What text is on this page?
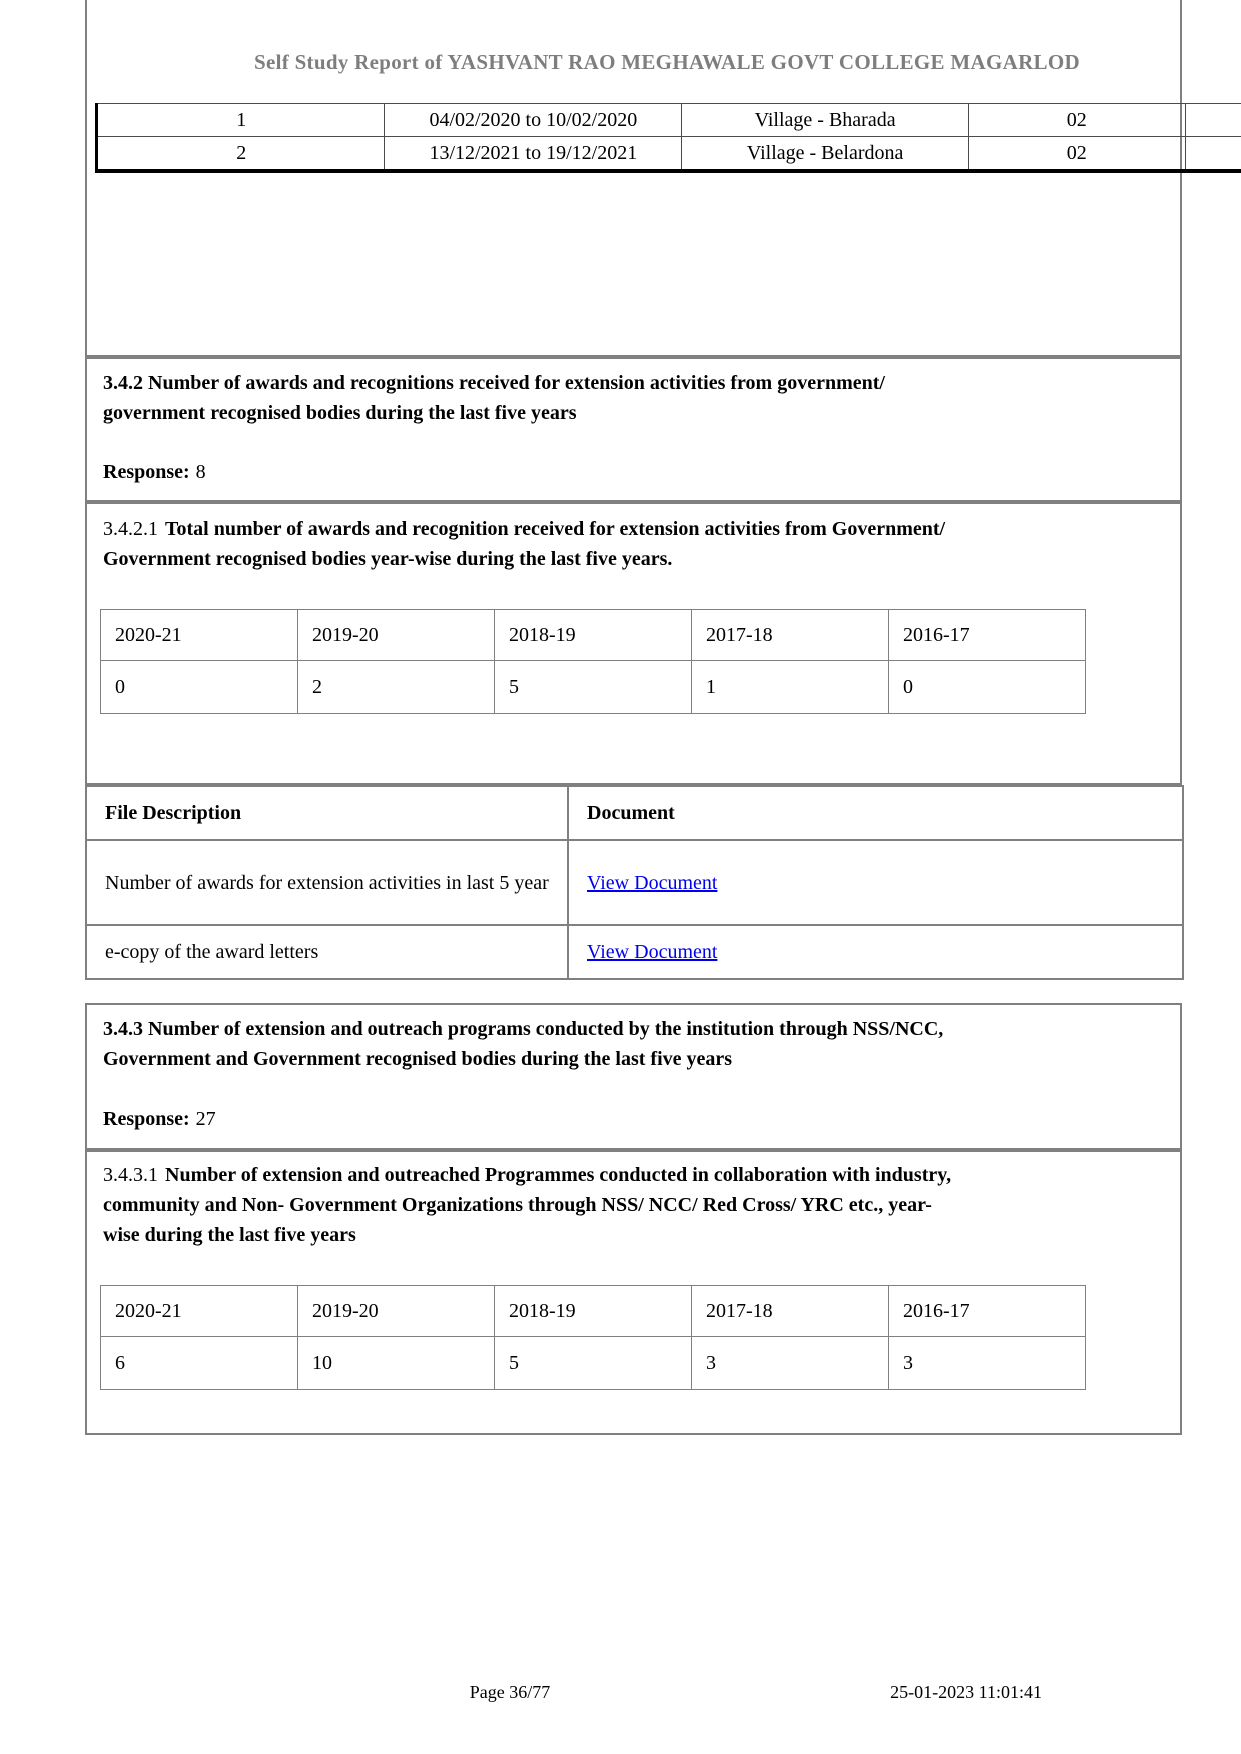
Self Study Report of YASHVANT RAO MEGHAWALE GOVT COLLEGE MAGARLOD
1	04/02/2020 to 10/02/2020	Village - Bharada	02	
2	13/12/2021 to 19/12/2021	Village - Belardona	02	
3.4.2 Number of awards and recognitions received for extension activities from government/
government recognised bodies during the last five years
Response: 8
3.4.2.1 Total number of awards and recognition received for extension activities from Government/
Government recognised bodies year-wise during the last five years.
2020-21	2019-20	2018-19	2017-18	2016-17
0	2	5	1	0
File Description	Document
Number of awards for extension activities in last 5 year	View Document
e-copy of the award letters	View Document
3.4.3 Number of extension and outreach programs conducted by the institution through NSS/NCC,
Government and Government recognised bodies during the last five years
Response: 27
3.4.3.1 Number of extension and outreached Programmes conducted in collaboration with industry,
community and Non- Government Organizations through NSS/ NCC/ Red Cross/ YRC etc., year-
wise during the last five years
2020-21	2019-20	2018-19	2017-18	2016-17
6	10	5	3	3
Page 36/77	25-01-2023 11:01:41
